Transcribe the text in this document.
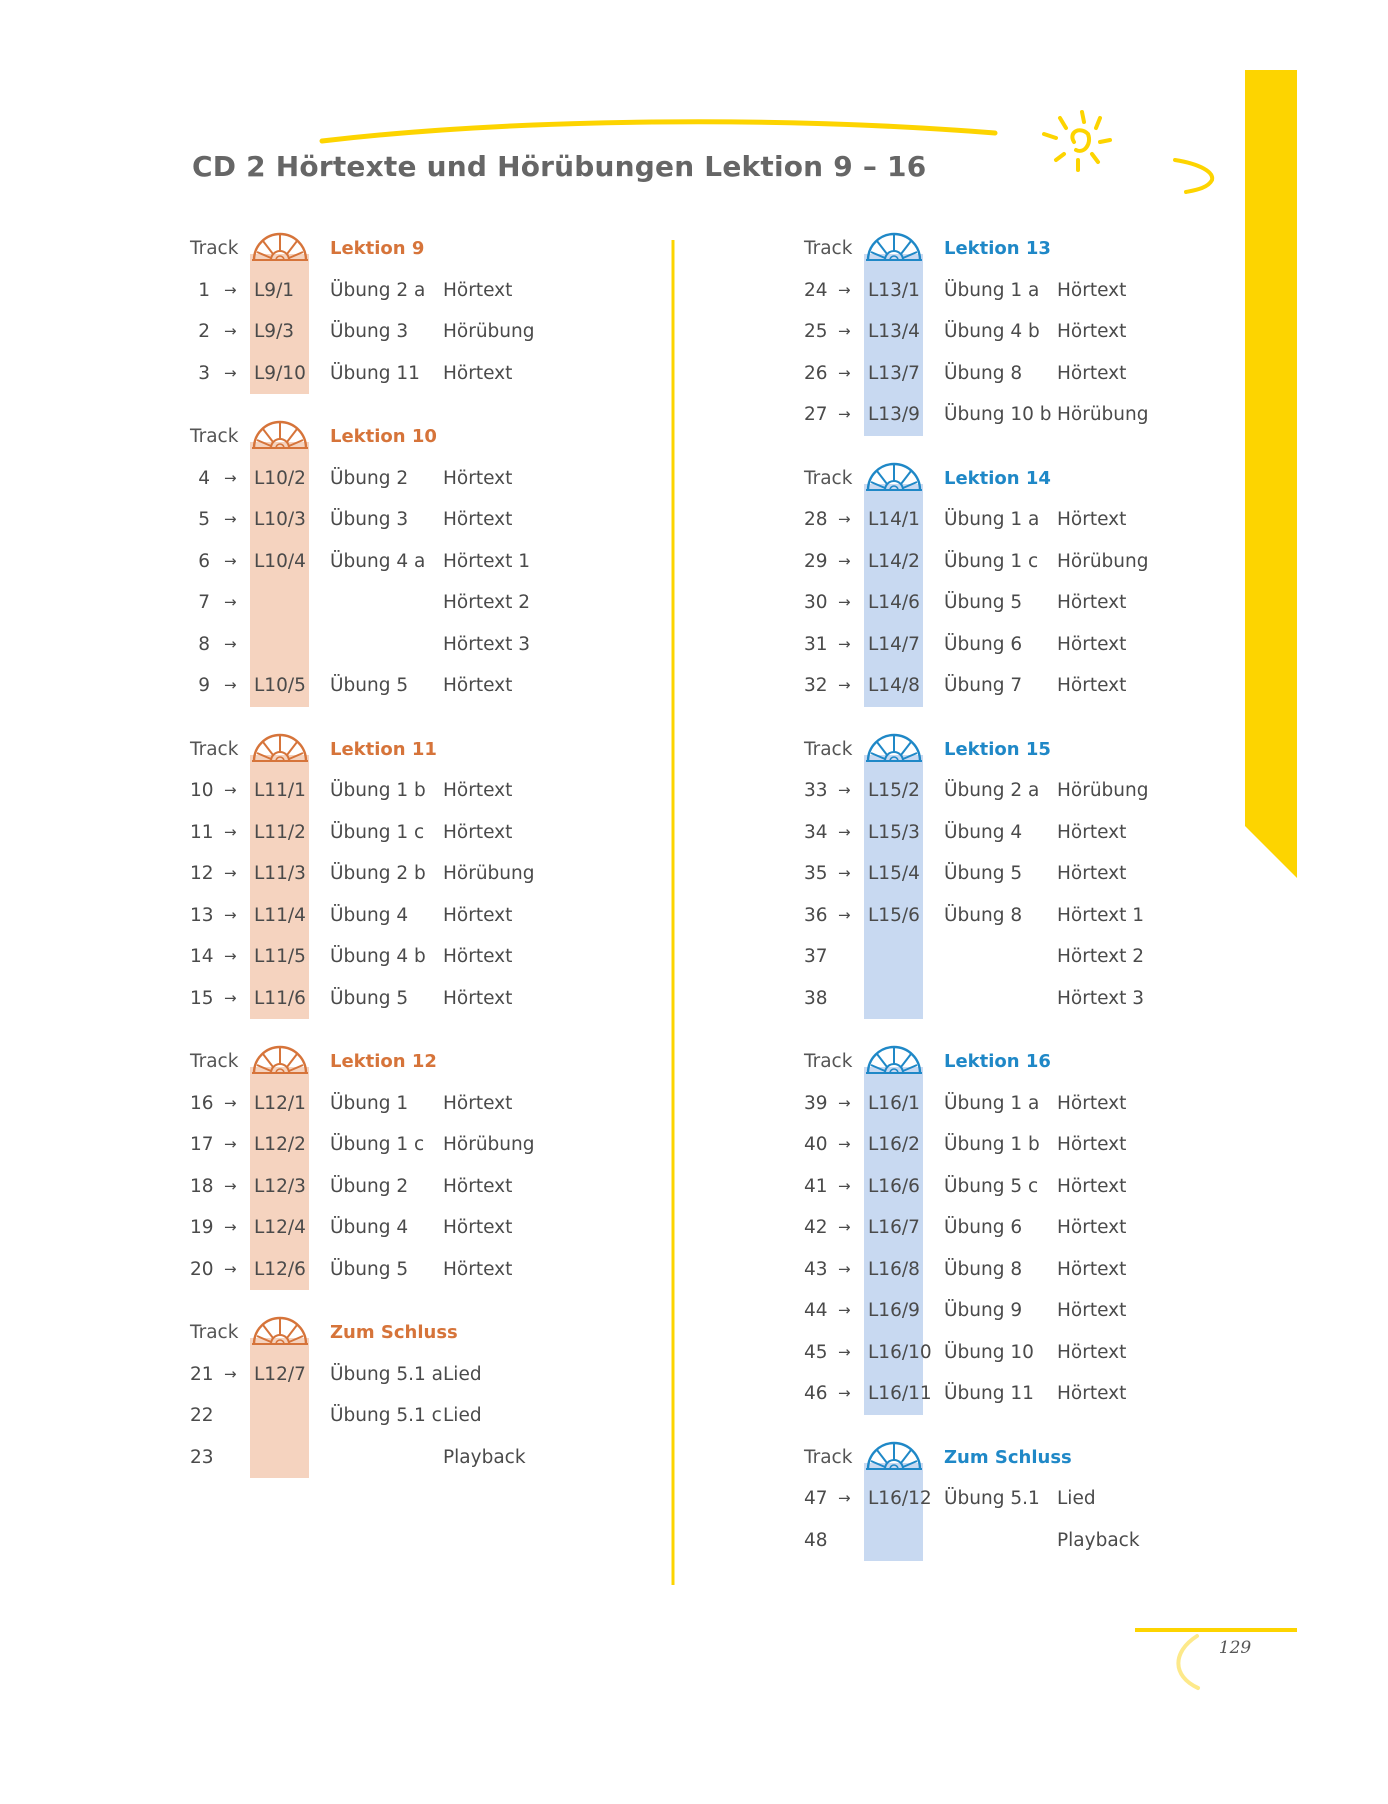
CD 2 Hörtexte und Hörübungen Lektion 9 – 16
Track	Lektion 9
1 → L9/1 Übung 2 a Hörtext
2 → L9/3 Übung 3 Hörübung
3 → L9/10 Übung 11 Hörtext
Track	Lektion 10
4 → L10/2 Übung 2 Hörtext
5 → L10/3 Übung 3 Hörtext
6 → L10/4 Übung 4 a Hörtext 1
7 →	Hörtext 2
8 →	Hörtext 3
9 → L10/5 Übung 5 Hörtext
Track	Lektion 11
10 → L11/1 Übung 1 b Hörtext
11 → L11/2 Übung 1 c Hörtext
12 → L11/3 Übung 2 b Hörübung
13 → L11/4 Übung 4 Hörtext
14 → L11/5 Übung 4 b Hörtext
15 → L11/6 Übung 5 Hörtext
Track	Lektion 12
16 → L12/1 Übung 1 Hörtext
17 → L12/2 Übung 1 c Hörübung
18 → L12/3 Übung 2 Hörtext
19 → L12/4 Übung 4 Hörtext
20 → L12/6 Übung 5 Hörtext
Track	Zum Schluss
21 → L12/7 Übung 5.1 a Lied
22	Übung 5.1 c Lied
23	Playback
Track	Lektion 13
24 → L13/1 Übung 1 a Hörtext
25 → L13/4 Übung 4 b Hörtext
26 → L13/7 Übung 8 Hörtext
27 → L13/9 Übung 10 b Hörübung
Track	Lektion 14
28 → L14/1 Übung 1 a Hörtext
29 → L14/2 Übung 1 c Hörübung
30 → L14/6 Übung 5 Hörtext
31 → L14/7 Übung 6 Hörtext
32 → L14/8 Übung 7 Hörtext
Track	Lektion 15
33 → L15/2 Übung 2 a Hörübung
34 → L15/3 Übung 4 Hörtext
35 → L15/4 Übung 5 Hörtext
36 → L15/6 Übung 8 Hörtext 1
37	Hörtext 2
38	Hörtext 3
Track	Lektion 16
39 → L16/1 Übung 1 a Hörtext
40 → L16/2 Übung 1 b Hörtext
41 → L16/6 Übung 5 c Hörtext
42 → L16/7 Übung 6 Hörtext
43 → L16/8 Übung 8 Hörtext
44 → L16/9 Übung 9 Hörtext
45 → L16/10 Übung 10 Hörtext
46 → L16/11 Übung 11 Hörtext
Track	Zum Schluss
47 → L16/12 Übung 5.1 Lied
48	Playback
129
